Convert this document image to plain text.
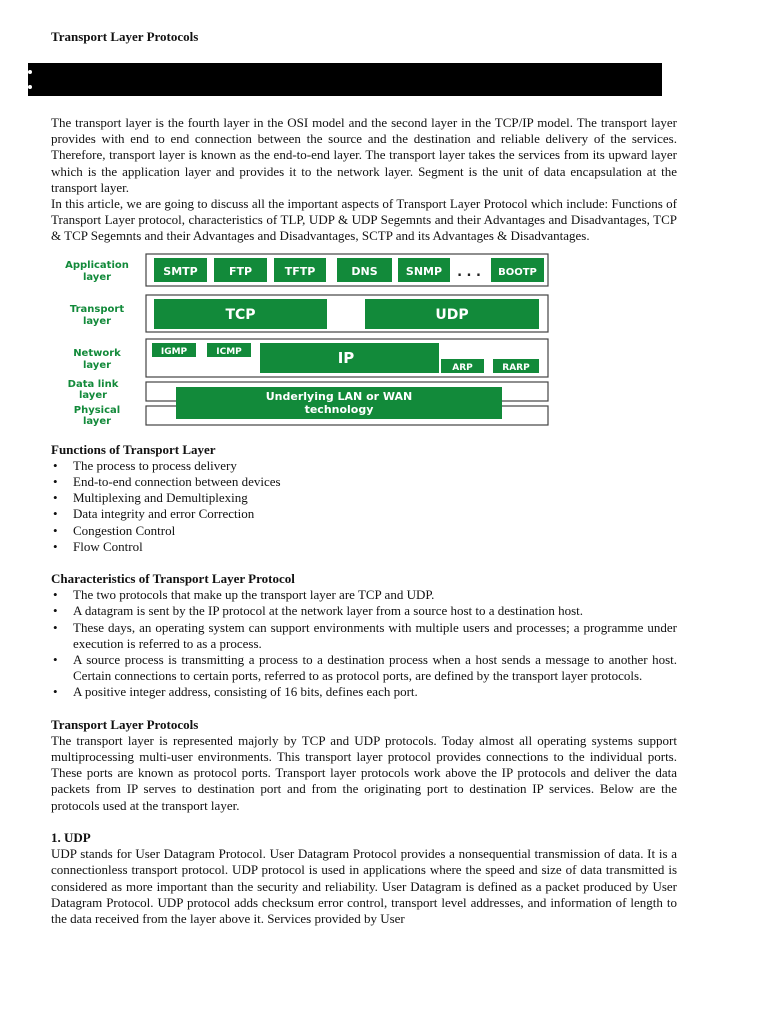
Transport Layer Protocols

The transport layer is the fourth layer in the OSI model and the second layer in the TCP/IP model. The transport layer provides with end to end connection between the source and the destination and reliable delivery of the services. Therefore, transport layer is known as the end-to-end layer. The transport layer takes the services from its upward layer which is the application layer and provides it to the network layer. Segment is the unit of data encapsulation at the transport layer.

In this article, we are going to discuss all the important aspects of Transport Layer Protocol which include: Functions of Transport Layer protocol, characteristics of TLP, UDP & UDP Segemnts and their Advantages and Disadvantages, TCP & TCP Segemnts and their Advantages and Disadvantages, SCTP and its Advantages & Disadvantages.

Application
layer
Transport
layer
Network
layer
Data link
layer
Physical
layer
SMTP	FTP	TFTP	DNS	SNMP	BOOTP
TCP	UDP
IGMP	ICMP	IP
ARP	RARP
Underlying LAN or WAN
technology
. . .
Functions of Transport Layer
• The process to process delivery
• End-to-end connection between devices
• Multiplexing and Demultiplexing
• Data integrity and error Correction
• Congestion Control
• Flow Control
Characteristics of Transport Layer Protocol
• The two protocols that make up the transport layer are TCP and UDP.
• A datagram is sent by the IP protocol at the network layer from a source host to a destination host.
• These days, an operating system can support environments with multiple users and processes; a programme under execution is referred to as a process.
• A source process is transmitting a process to a destination process when a host sends a message to another host. Certain connections to certain ports, referred to as protocol ports, are defined by the transport layer protocols.
• A positive integer address, consisting of 16 bits, defines each port.
Transport Layer Protocols

The transport layer is represented majorly by TCP and UDP protocols. Today almost all operating systems support multiprocessing multi-user environments. This transport layer protocol provides connections to the individual ports. These ports are known as protocol ports. Transport layer protocols work above the IP protocols and deliver the data packets from IP serves to destination port and from the originating port to destination IP services. Below are the protocols used at the transport layer.

1. UDP

UDP stands for User Datagram Protocol. User Datagram Protocol provides a nonsequential transmission of data. It is a connectionless transport protocol. UDP protocol is used in applications where the speed and size of data transmitted is considered as more important than the security and reliability. User Datagram is defined as a packet produced by User Datagram Protocol. UDP protocol adds checksum error control, transport level addresses, and information of length to the data received from the layer above it. Services provided by User
